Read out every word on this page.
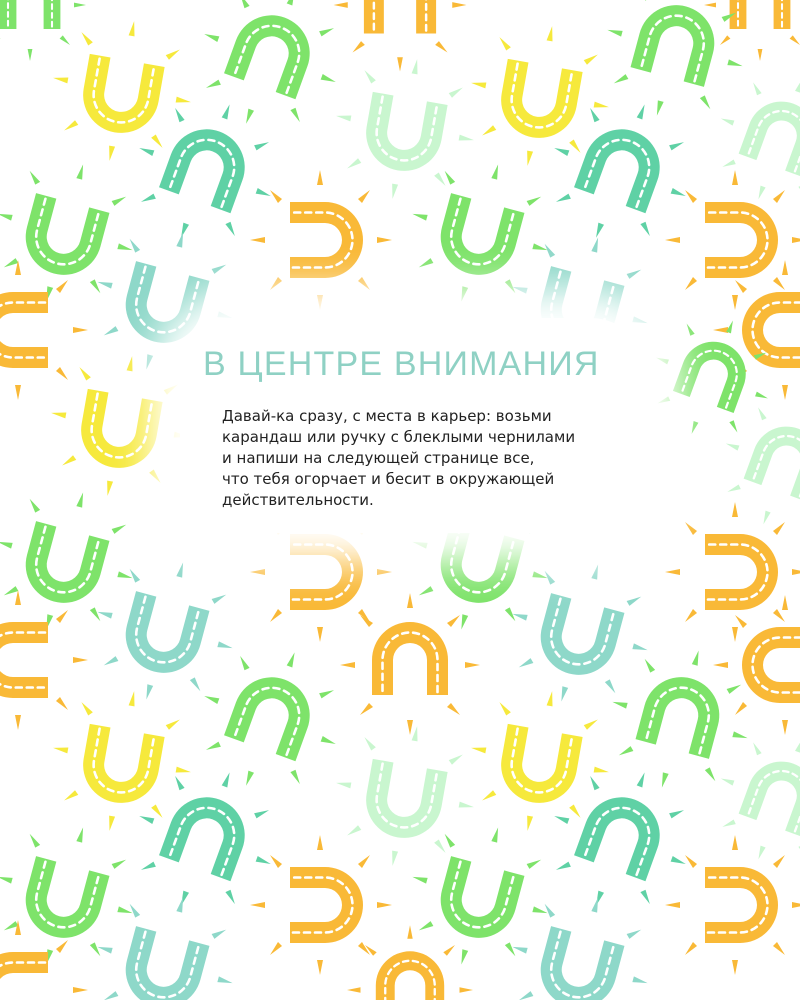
В ЦЕНТРЕ ВНИМАНИЯ
Давай-ка сразу, с места в карьер: возьми
карандаш или ручку с блеклыми чернилами
и напиши на следующей странице все,
что тебя огорчает и бесит в окружающей
действительности.
